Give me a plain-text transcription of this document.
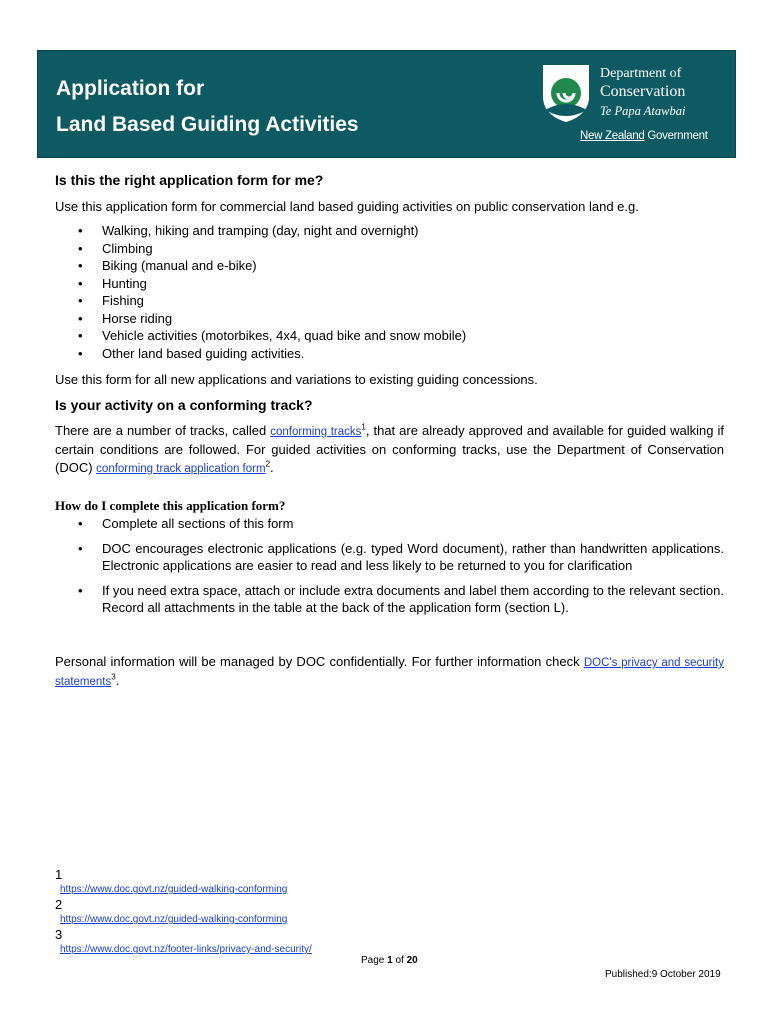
Application for
Land Based Guiding Activities
Department of
Conservation
Te Papa Atawbai
New Zealand Government
Is this the right application form for me?

Use this application form for commercial land based guiding activities on public conservation land e.g.

• Walking, hiking and tramping (day, night and overnight)
• Climbing
• Biking (manual and e-bike)
• Hunting
• Fishing
• Horse riding
• Vehicle activities (motorbikes, 4x4, quad bike and snow mobile)
• Other land based guiding activities.

Use this form for all new applications and variations to existing guiding concessions.

Is your activity on a conforming track?

There are a number of tracks, called conforming tracks$^1$, that are already approved and available for guided walking if certain conditions are followed. For guided activities on conforming tracks, use the Department of Conservation (DOC) conforming track application form$^2$.

How do I complete this application form?
• Complete all sections of this form
• DOC encourages electronic applications (e.g. typed Word document), rather than handwritten applications. Electronic applications are easier to read and less likely to be returned to you for clarification
• If you need extra space, attach or include extra documents and label them according to the relevant section. Record all attachments in the table at the back of the application form (section L).

Personal information will be managed by DOC confidentially. For further information check DOC's privacy and security statements$^3$.

1
https://www.doc.govt.nz/guided-walking-conforming
2
https://www.doc.govt.nz/guided-walking-conforming
3
https://www.doc.govt.nz/footer-links/privacy-and-security/
Page 1 of 20
Published:9 October 2019
